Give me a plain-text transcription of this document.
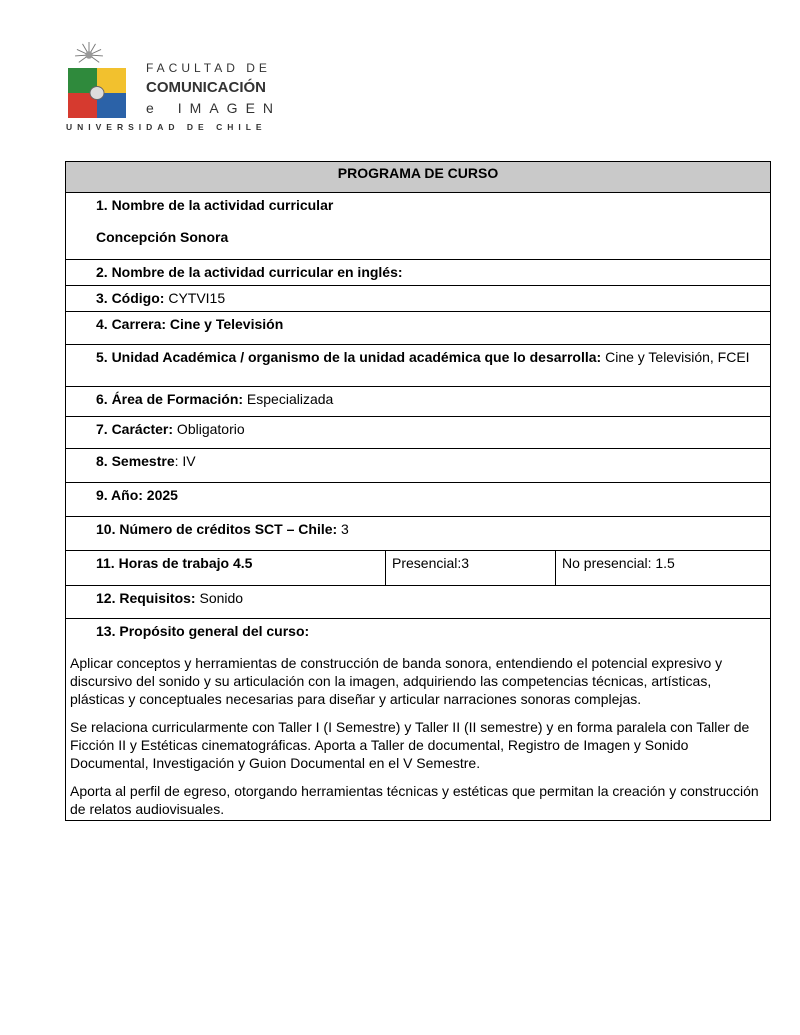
FACULTAD DE
COMUNICACIÓN
e IMAGEN
UNIVERSIDAD DE CHILE
PROGRAMA DE CURSO
1. Nombre de la actividad curricular
Concepción Sonora

2. Nombre de la actividad curricular en inglés:
3. Código: CYTVI15
4. Carrera: Cine y Televisión

5. Unidad Académica / organismo de la unidad académica que lo desarrolla: Cine y Televisión, FCEI

6. Área de Formación: Especializada
7. Carácter: Obligatorio
8. Semestre: IV
9. Año: 2025
10. Número de créditos SCT – Chile: 3
11. Horas de trabajo 4.5	Presencial:3	No presencial: 1.5
12. Requisitos: Sonido

13. Propósito general del curso:
Aplicar conceptos y herramientas de construcción de banda sonora, entendiendo el potencial expresivo y discursivo del sonido y su articulación con la imagen, adquiriendo las competencias técnicas, artísticas, plásticas y conceptuales necesarias para diseñar y articular narraciones sonoras complejas.
Se relaciona curricularmente con Taller I (I Semestre) y Taller II (II semestre) y en forma paralela con Taller de Ficción II y Estéticas cinematográficas. Aporta a Taller de documental, Registro de Imagen y Sonido Documental, Investigación y Guion Documental en el V Semestre.
Aporta al perfil de egreso, otorgando herramientas técnicas y estéticas que permitan la creación y construcción de relatos audiovisuales.
